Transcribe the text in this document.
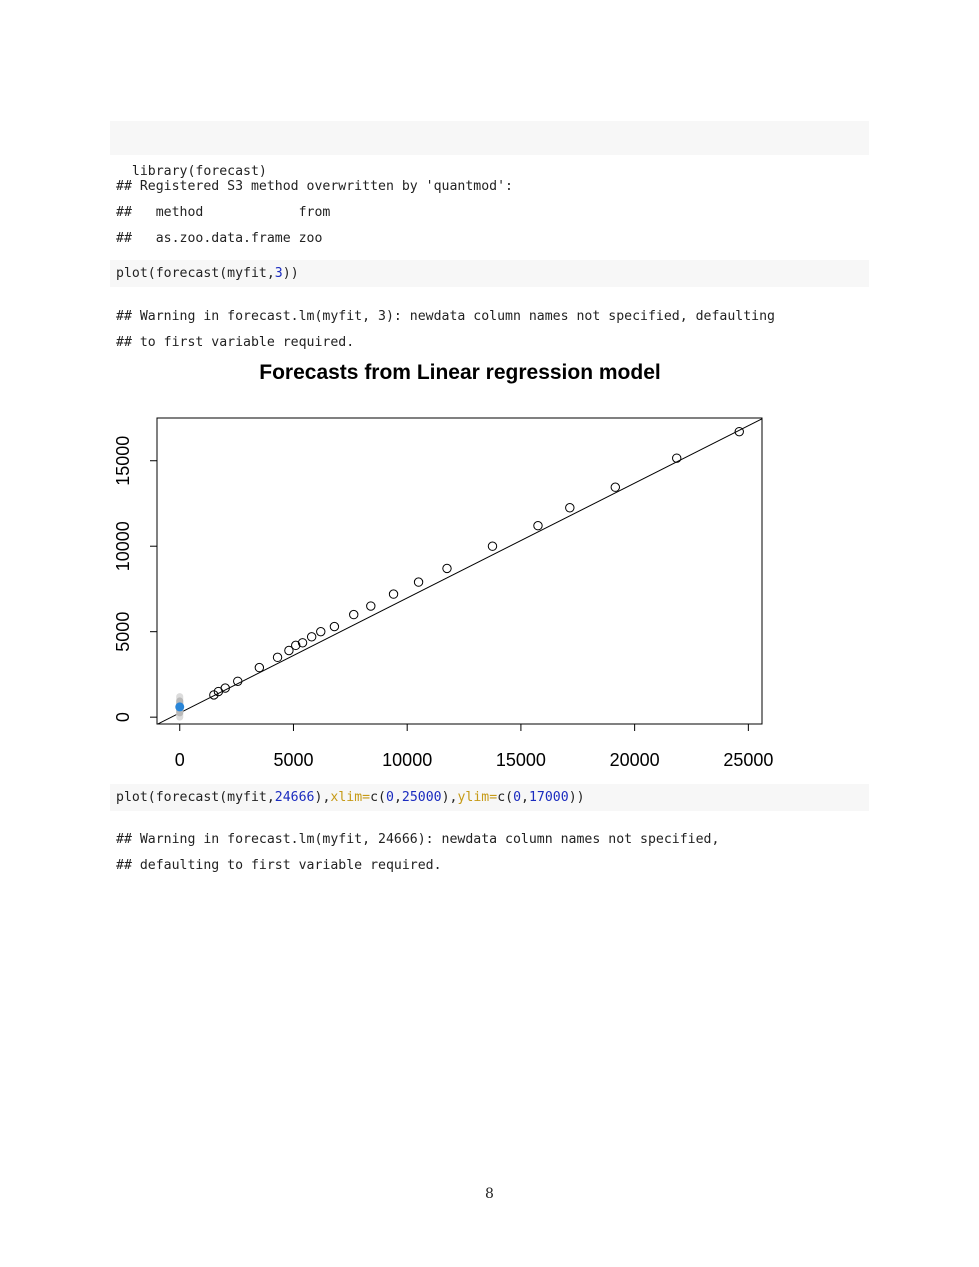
library(forecast)

## Registered S3 method overwritten by 'quantmod':
##   method            from
##   as.zoo.data.frame zoo
plot(forecast(myfit,3))
## Warning in forecast.lm(myfit, 3): newdata column names not specified, defaulting
## to first variable required.
Forecasts from Linear regression model
0	5000	10000	15000	20000	25000
0
5000
10000
15000
plot(forecast(myfit,24666),xlim=c(0,25000),ylim=c(0,17000))
## Warning in forecast.lm(myfit, 24666): newdata column names not specified,
## defaulting to first variable required.
8
